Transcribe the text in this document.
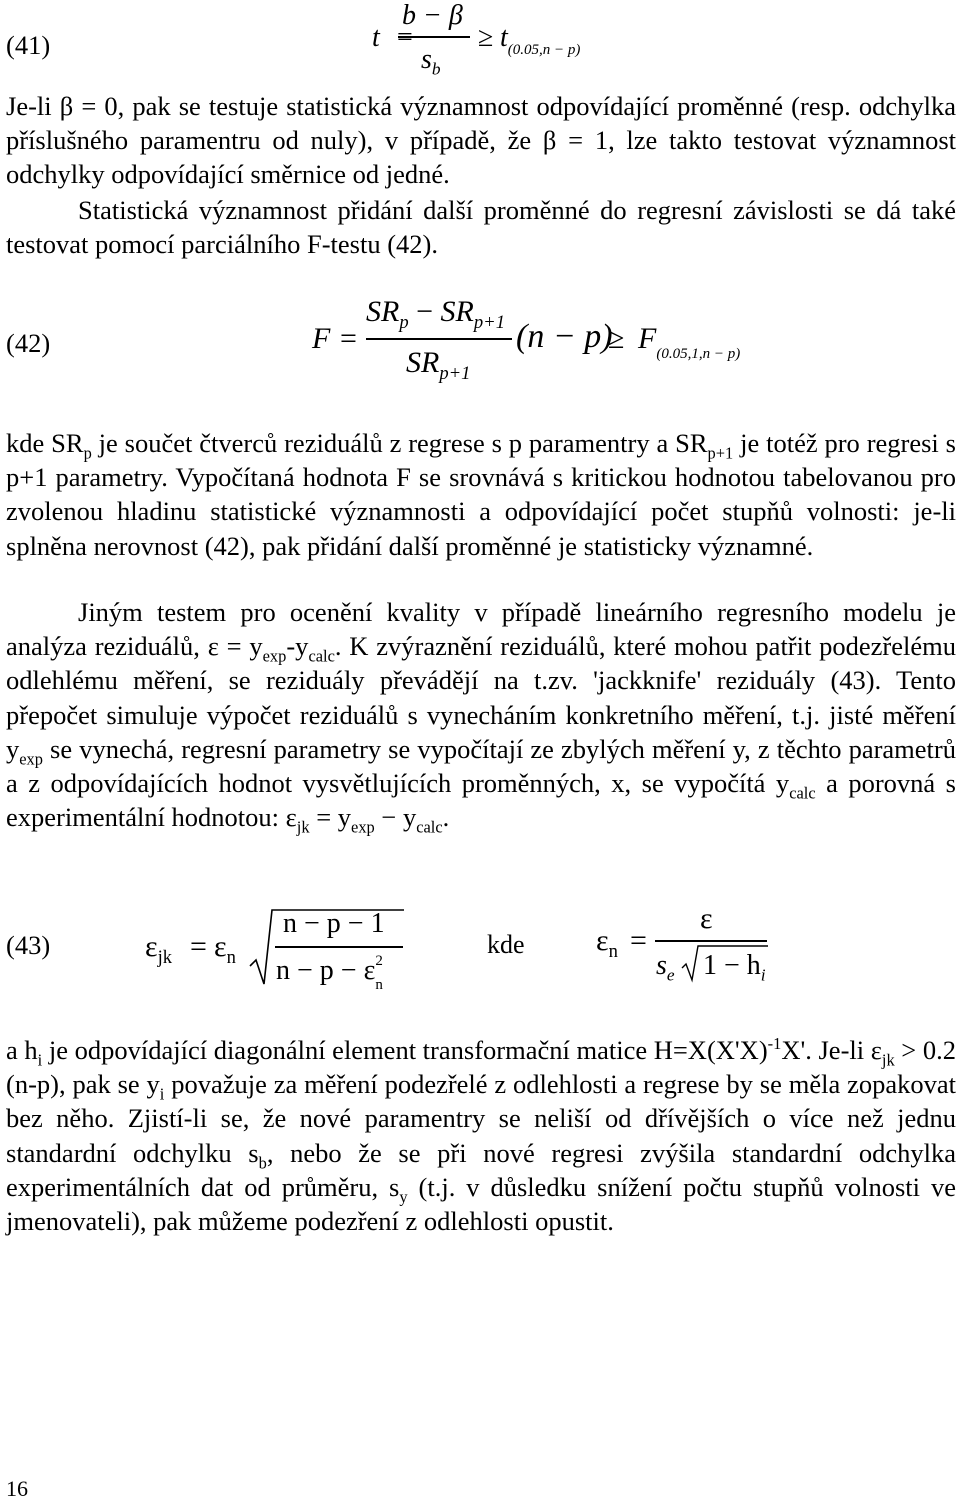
(41)	t
b − β
$s_b$
≥ $t_{(0.05,n - p)}$
Je-li β = 0, pak se testuje statistická významnost odpovídající proměnné (resp. odchylka příslušného paramentru od nuly), v případě, že β = 1, lze takto testovat významnost odchylky odpovídající směrnice od jedné.
Statistická významnost přidání další proměnné do regresní závislosti se dá také testovat pomocí parciálního F-testu (42).
(42)	F =
$SR_p - SR_{p+1}$
$SR_{p+1}$
(n − p)
≥ $F_{(0.05,1,n - p)}$
kde $SR_p$ je součet čtverců reziduálů z regrese s p paramentry a $SR_{p+1}$ je totéž pro regresi s p+1 parametry. Vypočítaná hodnota F se srovnává s kritickou hodnotou tabelovanou pro zvolenou hladinu statistické významnosti a odpovídající počet stupňů volnosti: je-li splněna nerovnost (42), pak přidání další proměnné je statisticky významné.
Jiným testem pro ocenění kvality v případě lineárního regresního modelu je analýza reziduálů, $\varepsilon = y_{exp}-y_{calc}$. K zvýraznění reziduálů, které mohou patřit podezřelému odlehlému měření, se reziduály převádějí na t.zv. 'jackknife' reziduály (43). Tento přepočet simuluje výpočet reziduálů s vynecháním konkretního měření, t.j. jisté měření $y_{exp}$ se vynechá, regresní parametry se vypočítají ze zbylých měření y, z těchto parametrů a z odpovídajících hodnot vysvětlujících proměnných, x, se vypočítá $y_{calc}$ a porovná s experimentální hodnotou: $\varepsilon_{jk} = y_{exp} - y_{calc}$.
(43)	$\varepsilon_{jk} = \varepsilon_n$
n − p − 1
n − p − ε 2
n
kde $\varepsilon_n$ =
ε
$s_e$ $1 - h_i$
a $h_i$ je odpovídající diagonální element transformační matice $H=X(X'X)^{-1}X'$. Je-li $\varepsilon_{jk} > 0.2$ (n-p), pak se $y_i$ považuje za měření podezřelé z odlehlosti a regrese by se měla zopakovat bez něho. Zjistí-li se, že nové paramentry se neliší od dřívějších o více než jednu standardní odchylku $s_b$, nebo že se při nové regresi zvýšila standardní odchylka experimentálních dat od průměru, $s_y$ (t.j. v důsledku snížení počtu stupňů volnosti ve jmenovateli), pak můžeme podezření z odlehlosti opustit.
16
